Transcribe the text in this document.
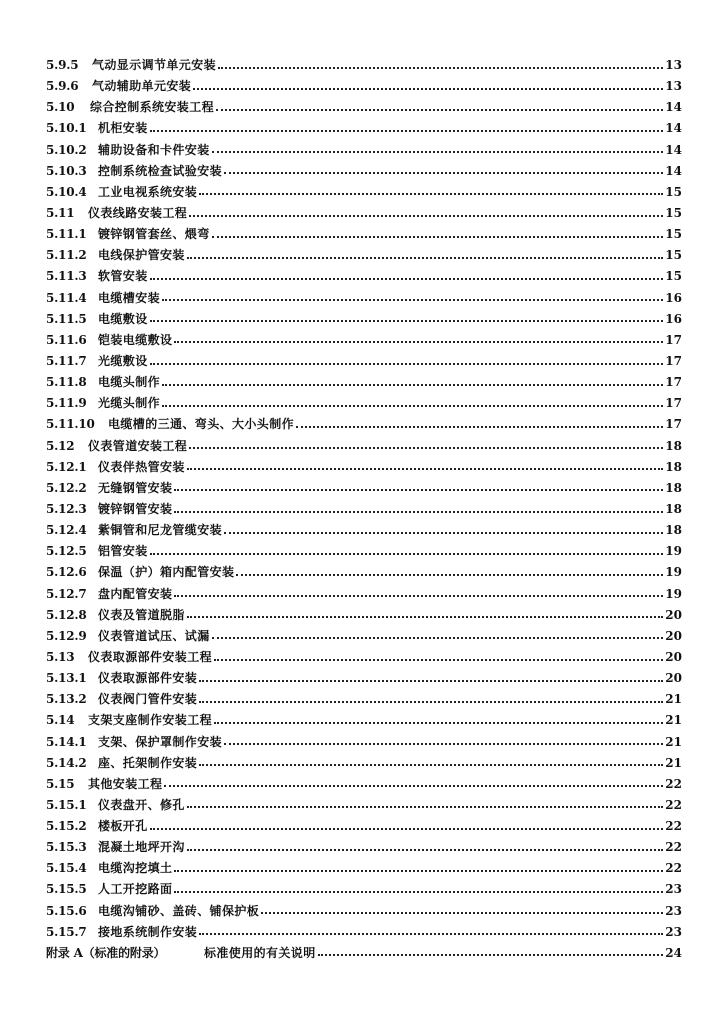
5.9.5	气动显示调节单元安装	13
5.9.6	气动辅助单元安装	13
5.10	综合控制系统安装工程	14
5.10.1 机柜安装	14
5.10.2 辅助设备和卡件安装	14
5.10.3 控制系统检查试验安装	14
5.10.4 工业电视系统安装	15
5.11	仪表线路安装工程	15
5.11.1 镀锌钢管套丝、煨弯	15
5.11.2 电线保护管安装	15
5.11.3 软管安装	15
5.11.4 电缆槽安装	16
5.11.5 电缆敷设	16
5.11.6 铠装电缆敷设	17
5.11.7 光缆敷设	17
5.11.8 电缆头制作	17
5.11.9 光缆头制作	17
5.11.10	电缆槽的三通、弯头、大小头制作	17
5.12	仪表管道安装工程	18
5.12.1 仪表伴热管安装	18
5.12.2 无缝钢管安装	18
5.12.3 镀锌钢管安装	18
5.12.4 紫铜管和尼龙管缆安装	18
5.12.5 铝管安装	19
5.12.6 保温（护）箱内配管安装	19
5.12.7 盘内配管安装	19
5.12.8 仪表及管道脱脂	20
5.12.9 仪表管道试压、试漏	20
5.13	仪表取源部件安装工程	20
5.13.1 仪表取源部件安装	20
5.13.2 仪表阀门管件安装	21
5.14	支架支座制作安装工程	21
5.14.1 支架、保护罩制作安装	21
5.14.2 座、托架制作安装	21
5.15	其他安装工程	22
5.15.1 仪表盘开、修孔	22
5.15.2 楼板开孔	22
5.15.3 混凝土地坪开沟	22
5.15.4 电缆沟挖填土	22
5.15.5 人工开挖路面	23
5.15.6 电缆沟铺砂、盖砖、铺保护板	23
5.15.7 接地系统制作安装	23
附录 A（标准的附录）	标准使用的有关说明	24
